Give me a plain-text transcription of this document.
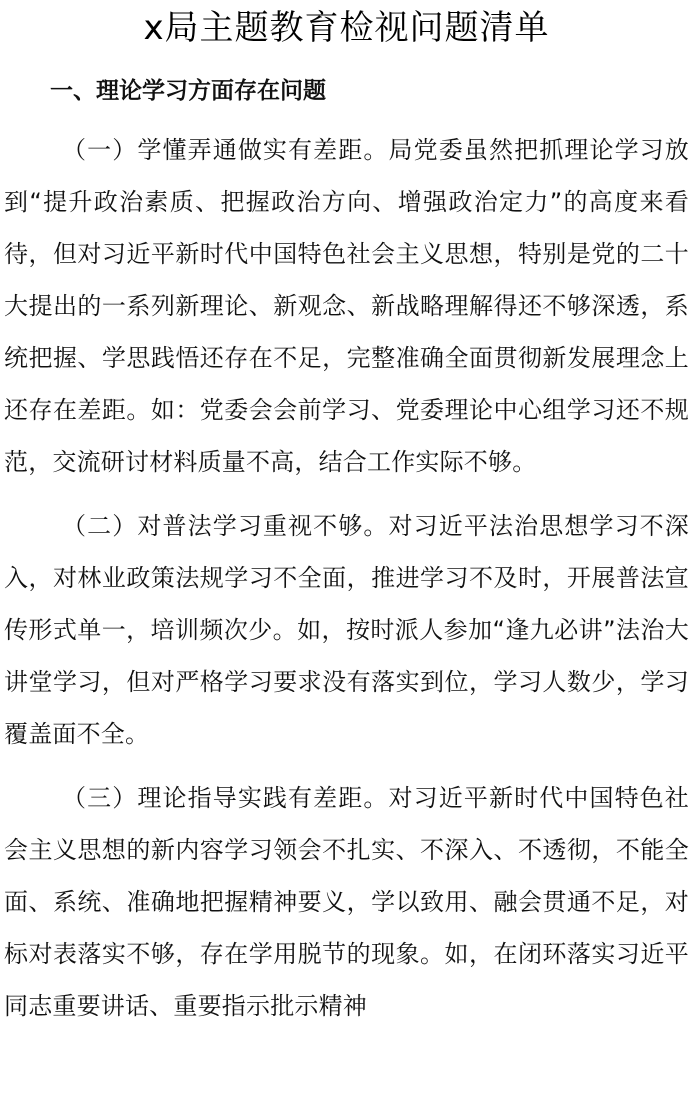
x局主题教育检视问题清单
一、理论学习方面存在问题

（一）学懂弄通做实有差距。局党委虽然把抓理论学习放到“提升政治素质、把握政治方向、增强政治定力”的高度来看待，但对习近平新时代中国特色社会主义思想，特别是党的二十大提出的一系列新理论、新观念、新战略理解得还不够深透，系统把握、学思践悟还存在不足，完整准确全面贯彻新发展理念上还存在差距。如：党委会会前学习、党委理论中心组学习还不规范，交流研讨材料质量不高，结合工作实际不够。

（二）对普法学习重视不够。对习近平法治思想学习不深入，对林业政策法规学习不全面，推进学习不及时，开展普法宣传形式单一，培训频次少。如，按时派人参加“逢九必讲”法治大讲堂学习，但对严格学习要求没有落实到位，学习人数少，学习覆盖面不全。

（三）理论指导实践有差距。对习近平新时代中国特色社会主义思想的新内容学习领会不扎实、不深入、不透彻，不能全面、系统、准确地把握精神要义，学以致用、融会贯通不足，对标对表落实不够，存在学用脱节的现象。如，在闭环落实习近平同志重要讲话、重要指示批示精神
